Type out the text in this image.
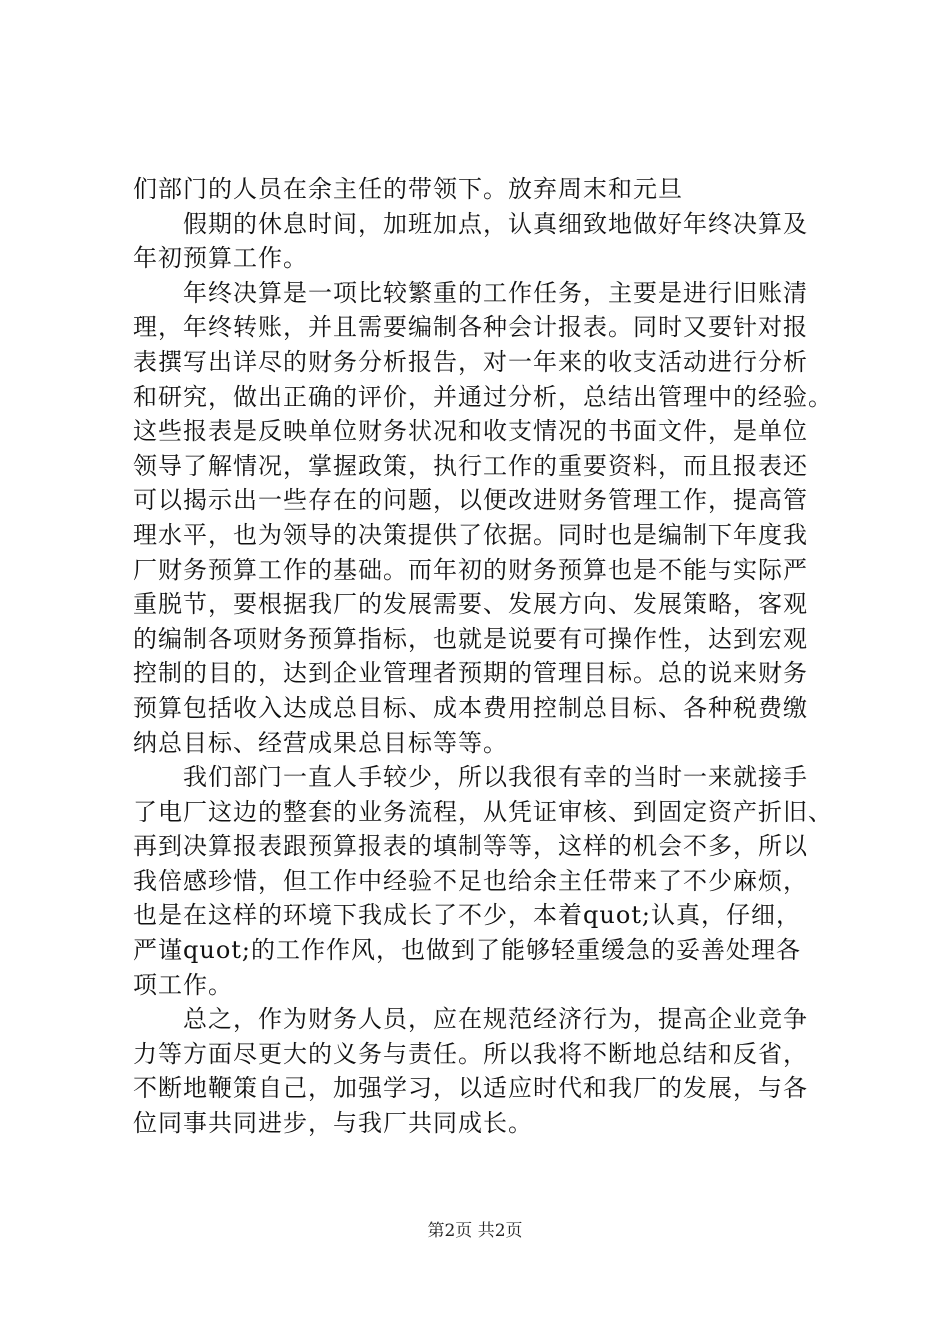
们部门的人员在余主任的带领下。放弃周末和元旦
假期的休息时间，加班加点，认真细致地做好年终决算及
年初预算工作。
年终决算是一项比较繁重的工作任务，主要是进行旧账清
理，年终转账，并且需要编制各种会计报表。同时又要针对报
表撰写出详尽的财务分析报告，对一年来的收支活动进行分析
和研究，做出正确的评价，并通过分析，总结出管理中的经验。
这些报表是反映单位财务状况和收支情况的书面文件，是单位
领导了解情况，掌握政策，执行工作的重要资料，而且报表还
可以揭示出一些存在的问题，以便改进财务管理工作，提高管
理水平，也为领导的决策提供了依据。同时也是编制下年度我
厂财务预算工作的基础。而年初的财务预算也是不能与实际严
重脱节，要根据我厂的发展需要、发展方向、发展策略，客观
的编制各项财务预算指标，也就是说要有可操作性，达到宏观
控制的目的，达到企业管理者预期的管理目标。总的说来财务
预算包括收入达成总目标、成本费用控制总目标、各种税费缴
纳总目标、经营成果总目标等等。
我们部门一直人手较少，所以我很有幸的当时一来就接手
了电厂这边的整套的业务流程，从凭证审核、到固定资产折旧、
再到决算报表跟预算报表的填制等等，这样的机会不多，所以
我倍感珍惜，但工作中经验不足也给余主任带来了不少麻烦，
也是在这样的环境下我成长了不少，本着quot;认真，仔细，
严谨quot;的工作作风，也做到了能够轻重缓急的妥善处理各
项工作。
总之，作为财务人员，应在规范经济行为，提高企业竞争
力等方面尽更大的义务与责任。所以我将不断地总结和反省，
不断地鞭策自己，加强学习，以适应时代和我厂的发展，与各
位同事共同进步，与我厂共同成长。
第2页 共2页
